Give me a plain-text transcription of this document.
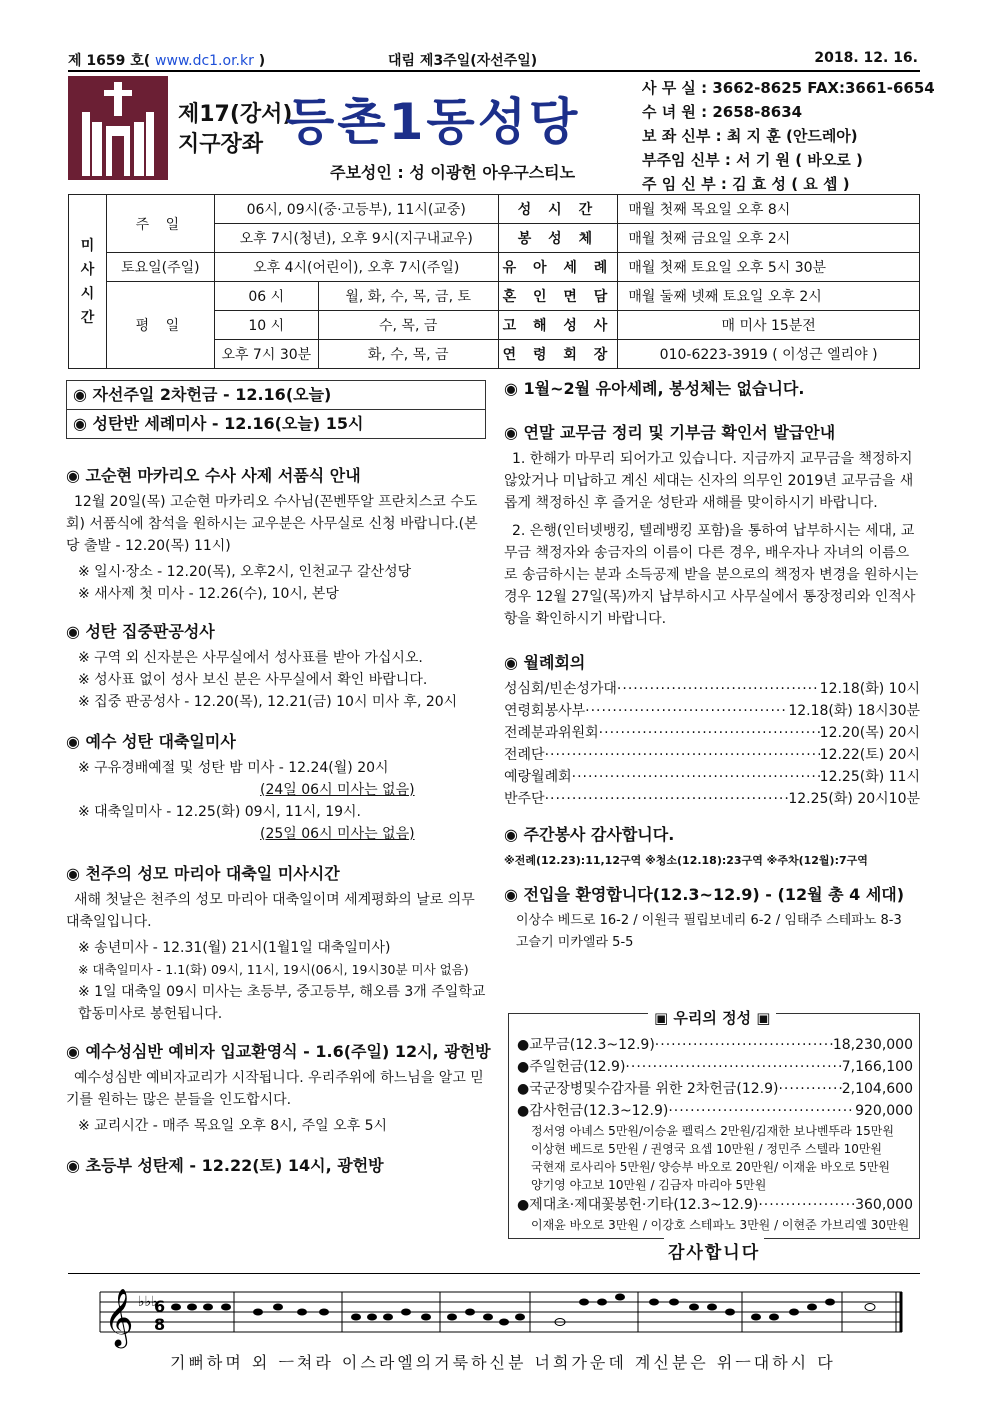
제 1659 호( www.dc1.or.kr )	대림 제3주일(자선주일)	2018. 12. 16.
제17(강서)
지구장좌 등촌1동성당
주보성인 : 성 이광헌 아우구스티노
사 무 실 : 3662-8625 FAX:3661-6654
수 녀 원 : 2658-8634
보 좌 신부 : 최 지 훈 (안드레아)
부주임 신부 : 서 기 원 ( 바오로 )
주 임 신 부 : 김 효 성 ( 요 셉 )
미
사
시
간	주 일	06시, 09시(중·고등부), 11시(교중)		성 시 간	매월 첫째 목요일 오후 8시
		오후 7시(청년), 오후 9시(지구내교우)		봉 성 체	매월 첫째 금요일 오후 2시
	토요일(주일)	오후 4시(어린이), 오후 7시(주일)		유 아 세 례	매월 첫째 토요일 오후 5시 30분
	평 일	06 시	월, 화, 수, 목, 금, 토	혼 인 면 담	매월 둘째 넷째 토요일 오후 2시
		10 시	수, 목, 금	고 해 성 사	매 미사 15분전
		오후 7시 30분	화, 수, 목, 금	연 령 회 장	010-6223-3919 ( 이성근 엘리야 )
◉ 자선주일 2차헌금 - 12.16(오늘)
◉ 성탄반 세례미사 - 12.16(오늘) 15시
◉ 고순현 마카리오 수사 사제 서품식 안내
12월 20일(목) 고순현 마카리오 수사님(꼰벤뚜알 프란치스코 수도회) 서품식에 참석을 원하시는 교우분은 사무실로 신청 바랍니다.(본당 출발 - 12.20(목) 11시)
※ 일시·장소 - 12.20(목), 오후2시, 인천교구 갈산성당
※ 새사제 첫 미사 - 12.26(수), 10시, 본당
◉ 성탄 집중판공성사
※ 구역 외 신자분은 사무실에서 성사표를 받아 가십시오.
※ 성사표 없이 성사 보신 분은 사무실에서 확인 바랍니다.
※ 집중 판공성사 - 12.20(목), 12.21(금) 10시 미사 후, 20시
◉ 예수 성탄 대축일미사
※ 구유경배예절 및 성탄 밤 미사 - 12.24(월) 20시
(24일 06시 미사는 없음)
※ 대축일미사 - 12.25(화) 09시, 11시, 19시.
(25일 06시 미사는 없음)
◉ 천주의 성모 마리아 대축일 미사시간
새해 첫날은 천주의 성모 마리아 대축일이며 세계평화의 날로 의무대축일입니다.
※ 송년미사 - 12.31(월) 21시(1월1일 대축일미사)
※ 대축일미사 - 1.1(화) 09시, 11시, 19시(06시, 19시30분 미사 없음)
※ 1일 대축일 09시 미사는 초등부, 중고등부, 해오름 3개 주일학교 합동미사로 봉헌됩니다.
◉ 예수성심반 예비자 입교환영식 - 1.6(주일) 12시, 광헌방
예수성심반 예비자교리가 시작됩니다. 우리주위에 하느님을 알고 믿기를 원하는 많은 분들을 인도합시다.
※ 교리시간 - 매주 목요일 오후 8시, 주일 오후 5시
◉ 초등부 성탄제 - 12.22(토) 14시, 광헌방
◉ 1월~2월 유아세례, 봉성체는 없습니다.
◉ 연말 교무금 정리 및 기부금 확인서 발급안내
1. 한해가 마무리 되어가고 있습니다. 지금까지 교무금을 책정하지 않았거나 미납하고 계신 세대는 신자의 의무인 2019년 교무금을 새롭게 책정하신 후 즐거운 성탄과 새해를 맞이하시기 바랍니다.
2. 은행(인터넷뱅킹, 텔레뱅킹 포함)을 통하여 납부하시는 세대, 교무금 책정자와 송금자의 이름이 다른 경우, 배우자나 자녀의 이름으로 송금하시는 분과 소득공제 받을 분으로의 책정자 변경을 원하시는 경우 12월 27일(목)까지 납부하시고 사무실에서 통장정리와 인적사항을 확인하시기 바랍니다.
◉ 월례회의
성심회/빈손성가대 ·····	12.18(화) 10시
연령회봉사부 ·····	12.18(화) 18시30분
전례분과위원회 ·····	12.20(목) 20시
전례단 ·····	12.22(토) 20시
예랑월례회 ·····	12.25(화) 11시
반주단 ·····	12.25(화) 20시10분
◉ 주간봉사 감사합니다.
※전례(12.23):11,12구역 ※청소(12.18):23구역 ※주차(12월):7구역
◉ 전입을 환영합니다(12.3~12.9) - (12월 총 4 세대)
이상수 베드로 16-2 / 이원극 필립보네리 6-2 / 임태주 스테파노 8-3
고슬기 미카엘라 5-5
●교무금(12.3~12.9) ·····	18,230,000
●주일헌금(12.9) ·····	7,166,100
●국군장병및수감자를 위한 2차헌금(12.9) ·····	2,104,600
●감사헌금(12.3~12.9) ·····	920,000
정서영 아녜스 5만원/이승윤 펠릭스 2만원/김재한 보나벤뚜라 15만원
이상현 베드로 5만원 / 권영국 요셉 10만원 / 정민주 스텔라 10만원
국현재 로사리아 5만원/ 양승부 바오로 20만원/ 이재윤 바오로 5만원
양기영 야고보 10만원 / 김금자 마리아 5만원
●제대초·제대꽃봉헌·기타(12.3~12.9) ·····	360,000
이재윤 바오로 3만원 / 이강호 스테파노 3만원 / 이현준 가브리엘 30만원
▣ 우리의 정성 ▣
감사합니다
𝄞 ♭♭♭
6
8
기뻐하며 외 ㅡ쳐라 이스라엘의거룩하신분 너희가운데 계신분은 위ㅡ대하시 다
